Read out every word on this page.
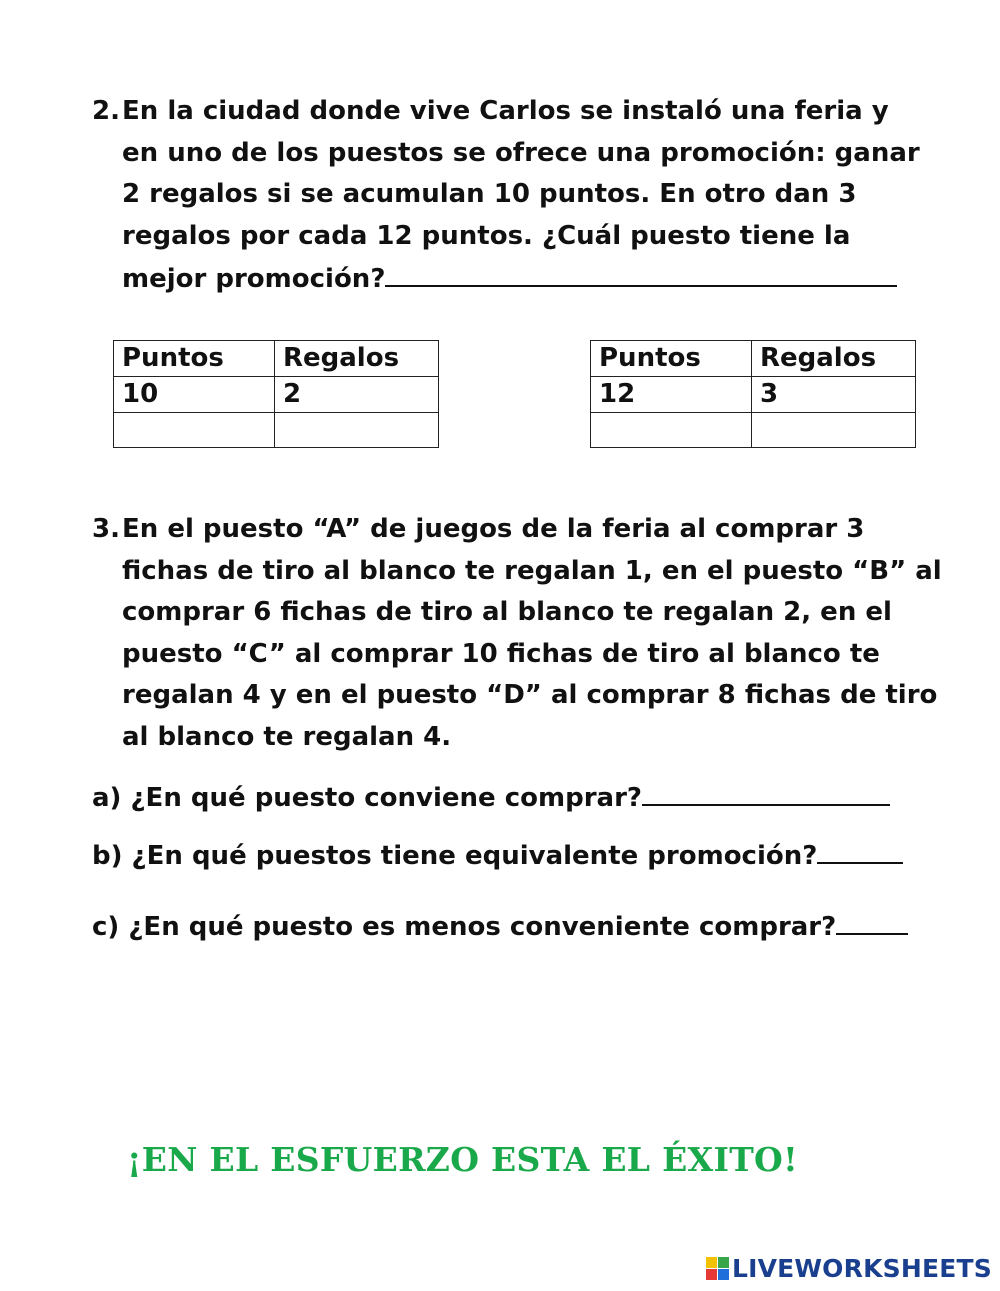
2. En la ciudad donde vive Carlos se instaló una feria y en uno de los puestos se ofrece una promoción: ganar 2 regalos si se acumulan 10 puntos. En otro dan 3 regalos por cada 12 puntos. ¿Cuál puesto tiene la mejor promoción?
Puntos	Regalos
10	2

Puntos	Regalos
12	3

3. En el puesto “A” de juegos de la feria al comprar 3 fichas de tiro al blanco te regalan 1, en el puesto “B” al comprar 6 fichas de tiro al blanco te regalan 2, en el puesto “C” al comprar 10 fichas de tiro al blanco te regalan 4 y en el puesto “D” al comprar 8 fichas de tiro al blanco te regalan 4.
a) ¿En qué puesto conviene comprar?
b) ¿En qué puestos tiene equivalente promoción?
c) ¿En qué puesto es menos conveniente comprar?
¡EN EL ESFUERZO ESTA EL ÉXITO!
LIVEWORKSHEETS
